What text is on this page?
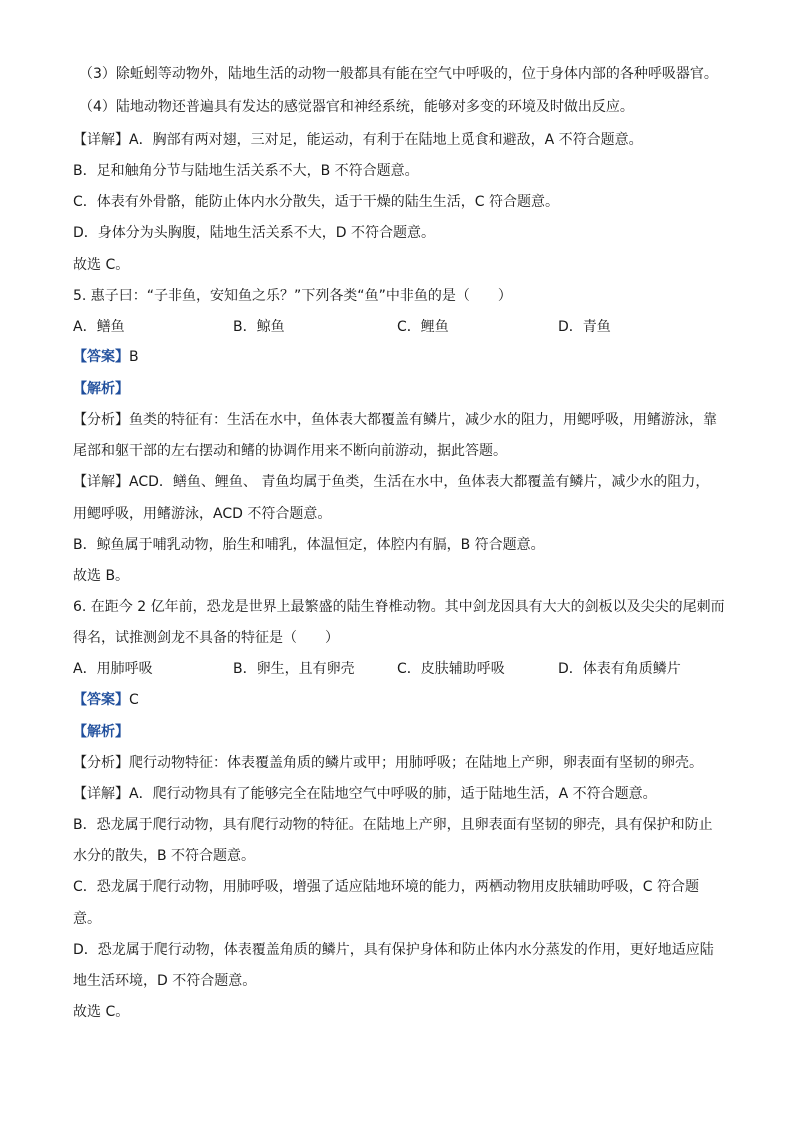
（3）除蚯蚓等动物外，陆地生活的动物一般都具有能在空气中呼吸的，位于身体内部的各种呼吸器官。
（4）陆地动物还普遍具有发达的感觉器官和神经系统，能够对多变的环境及时做出反应。
【详解】A．胸部有两对翅，三对足，能运动，有利于在陆地上觅食和避敌，A 不符合题意。
B．足和触角分节与陆地生活关系不大，B 不符合题意。
C．体表有外骨骼，能防止体内水分散失，适于干燥的陆生生活，C 符合题意。
D．身体分为头胸腹，陆地生活关系不大，D 不符合题意。
故选 C。
5. 惠子曰：“子非鱼，安知鱼之乐？”下列各类“鱼”中非鱼的是（　　）
A．鳝鱼	B．鲸鱼	C．鲤鱼	D．青鱼
【答案】B
【解析】
【分析】鱼类的特征有：生活在水中，鱼体表大都覆盖有鳞片，减少水的阻力，用鳃呼吸，用鳍游泳，靠
尾部和躯干部的左右摆动和鳍的协调作用来不断向前游动，据此答题。
【详解】ACD．鳝鱼、鲤鱼、 青鱼均属于鱼类，生活在水中，鱼体表大都覆盖有鳞片，减少水的阻力，
用鳃呼吸，用鳍游泳，ACD 不符合题意。
B．鲸鱼属于哺乳动物，胎生和哺乳，体温恒定，体腔内有膈，B 符合题意。
故选 B。
6. 在距今 2 亿年前，恐龙是世界上最繁盛的陆生脊椎动物。其中剑龙因具有大大的剑板以及尖尖的尾刺而
得名，试推测剑龙不具备的特征是（　　）
A．用肺呼吸	B．卵生，且有卵壳	C．皮肤辅助呼吸	D．体表有角质鳞片
【答案】C
【解析】
【分析】爬行动物特征：体表覆盖角质的鳞片或甲；用肺呼吸；在陆地上产卵，卵表面有坚韧的卵壳。
【详解】A．爬行动物具有了能够完全在陆地空气中呼吸的肺，适于陆地生活，A 不符合题意。
B．恐龙属于爬行动物，具有爬行动物的特征。在陆地上产卵，且卵表面有坚韧的卵壳，具有保护和防止
水分的散失，B 不符合题意。
C．恐龙属于爬行动物，用肺呼吸，增强了适应陆地环境的能力，两栖动物用皮肤辅助呼吸，C 符合题
意。
D．恐龙属于爬行动物，体表覆盖角质的鳞片，具有保护身体和防止体内水分蒸发的作用，更好地适应陆
地生活环境，D 不符合题意。
故选 C。
